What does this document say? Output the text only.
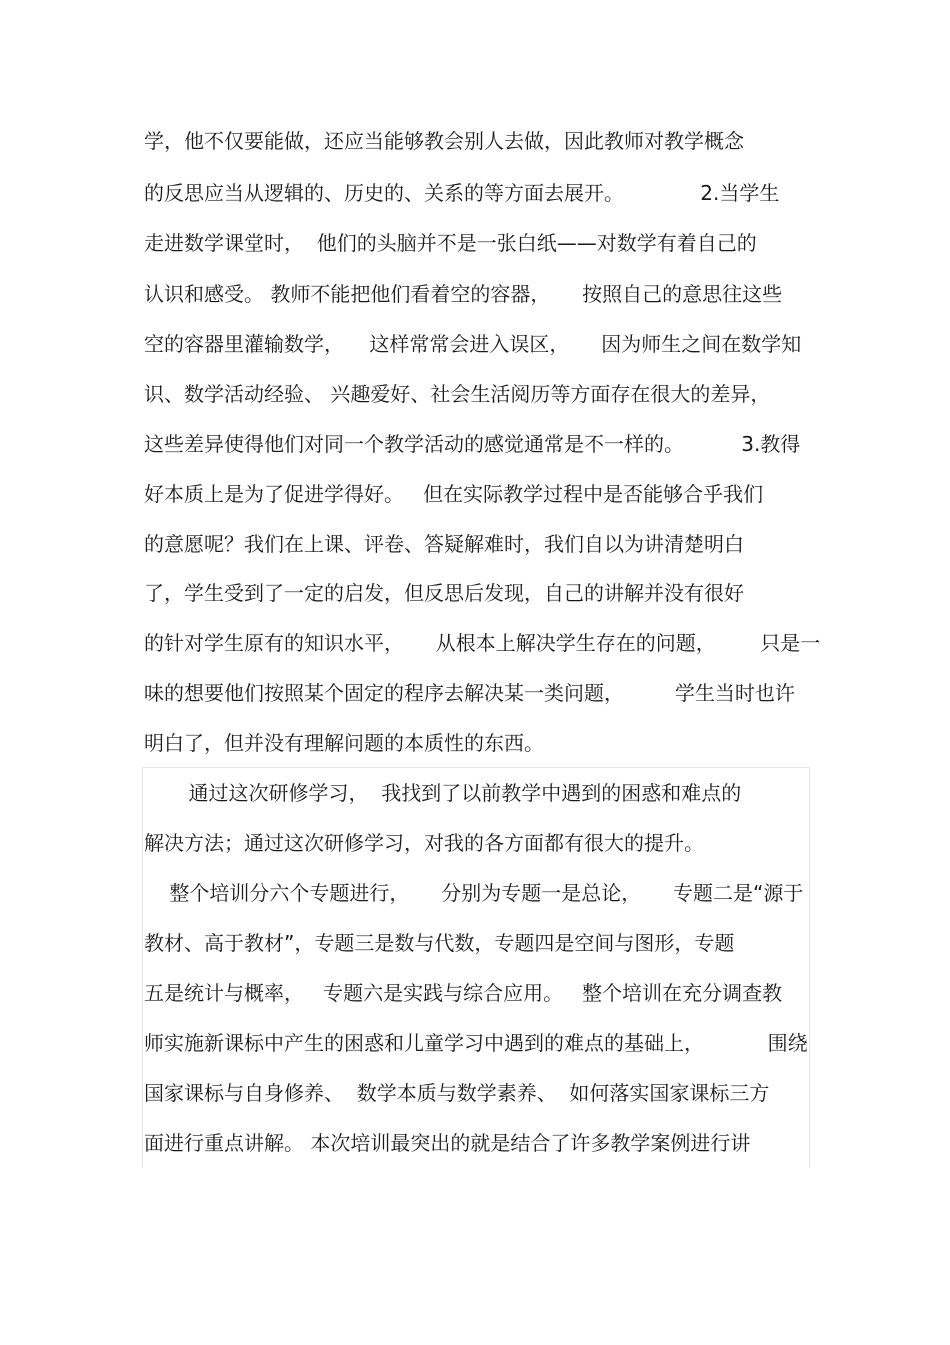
学，他不仅要能做，还应当能够教会别人去做，因此教师对教学概念

的反思应当从逻辑的、历史的、关系的等方面去展开。            2.当学生

走进数学课堂时，  他们的头脑并不是一张白纸——对数学有着自己的

认识和感受。 教师不能把他们看着空的容器，     按照自己的意思往这些

空的容器里灌输数学，    这样常常会进入误区，     因为师生之间在数学知

识、数学活动经验、 兴趣爱好、社会生活阅历等方面存在很大的差异，

这些差异使得他们对同一个教学活动的感觉通常是不一样的。         3.教得

好本质上是为了促进学得好。   但在实际教学过程中是否能够合乎我们

的意愿呢？我们在上课、评卷、答疑解难时，我们自以为讲清楚明白

了，学生受到了一定的启发，但反思后发现，自己的讲解并没有很好

的针对学生原有的知识水平，     从根本上解决学生存在的问题，       只是一

味的想要他们按照某个固定的程序去解决某一类问题，        学生当时也许

明白了，但并没有理解问题的本质性的东西。

通过这次研修学习，  我找到了以前教学中遇到的困惑和难点的

解决方法；通过这次研修学习，对我的各方面都有很大的提升。

整个培训分六个专题进行，     分别为专题一是总论，     专题二是“源于

教材、高于教材”，专题三是数与代数，专题四是空间与图形，专题

五是统计与概率，   专题六是实践与综合应用。   整个培训在充分调查教

师实施新课标中产生的困惑和儿童学习中遇到的难点的基础上，          围绕

国家课标与自身修养、  数学本质与数学素养、  如何落实国家课标三方

面进行重点讲解。 本次培训最突出的就是结合了许多教学案例进行讲
